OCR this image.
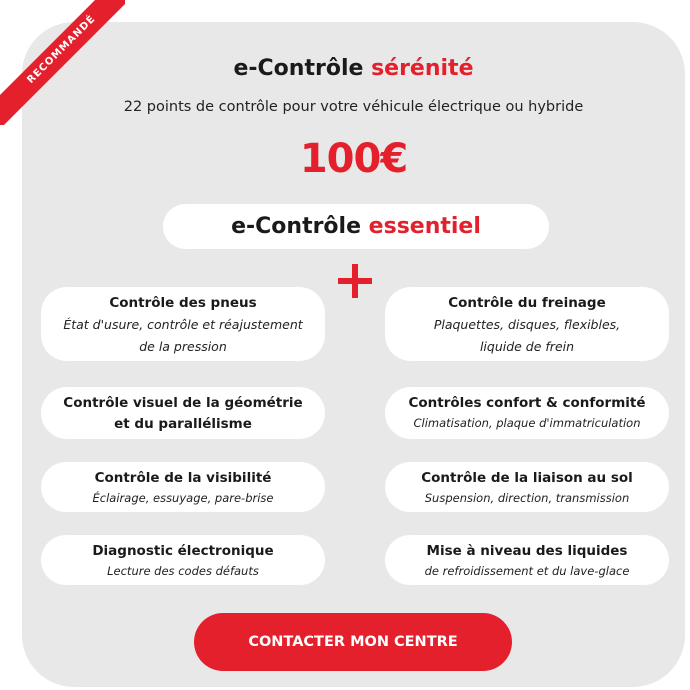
RECOMMANDÉ	e-Contrôle sérénité
22 points de contrôle pour votre véhicule électrique ou hybride
100€
e-Contrôle essentiel
Contrôle des pneus
État d'usure, contrôle et réajustement
de la pression
Contrôle du freinage
Plaquettes, disques, flexibles,
liquide de frein
Contrôle visuel de la géométrie
et du parallélisme
Contrôles confort & conformité
Climatisation, plaque d'immatriculation
Contrôle de la visibilité
Éclairage, essuyage, pare-brise
Contrôle de la liaison au sol
Suspension, direction, transmission
Diagnostic électronique
Lecture des codes défauts
Mise à niveau des liquides
de refroidissement et du lave-glace
CONTACTER MON CENTRE
